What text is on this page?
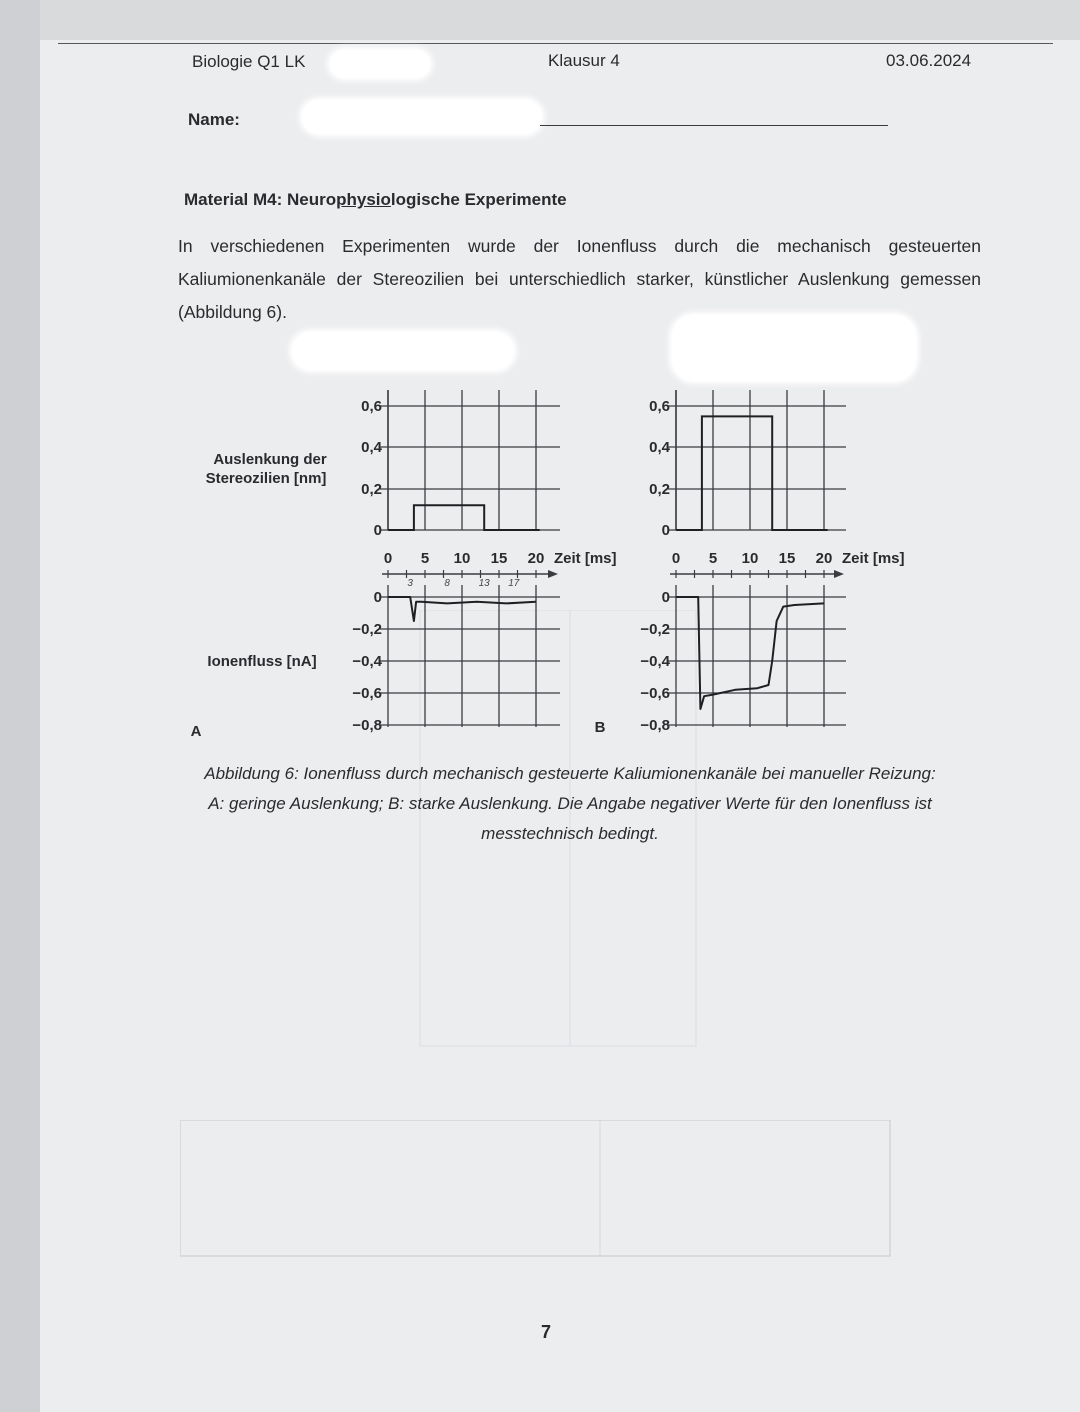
Biologie Q1 LK	Klausur 4	03.06.2024
Name:
Material M4: Neurophysiologische Experimente
In verschiedenen Experimenten wurde der Ionenfluss durch die mechanisch gesteuerten Kaliumionenkanäle der Stereozilien bei unterschiedlich starker, künstlicher Auslenkung gemessen (Abbildung 6).
0,6
0,4
0,2
0
0 5 10 15 20 Zeit [ms]
0
−0,2
−0,4
−0,6
−0,8
3	8	13 17
0,6
0,4
0,2
0
0 5 10 15 20 Zeit [ms]
0
−0,2
−0,4
−0,6
−0,8
Auslenkung der
Stereozilien [nm]
Ionenfluss [nA]
A	B
Abbildung 6: Ionenfluss durch mechanisch gesteuerte Kaliumionenkanäle bei manueller Reizung:
A: geringe Auslenkung; B: starke Auslenkung. Die Angabe negativer Werte für den Ionenfluss ist
messtechnisch bedingt.
7
